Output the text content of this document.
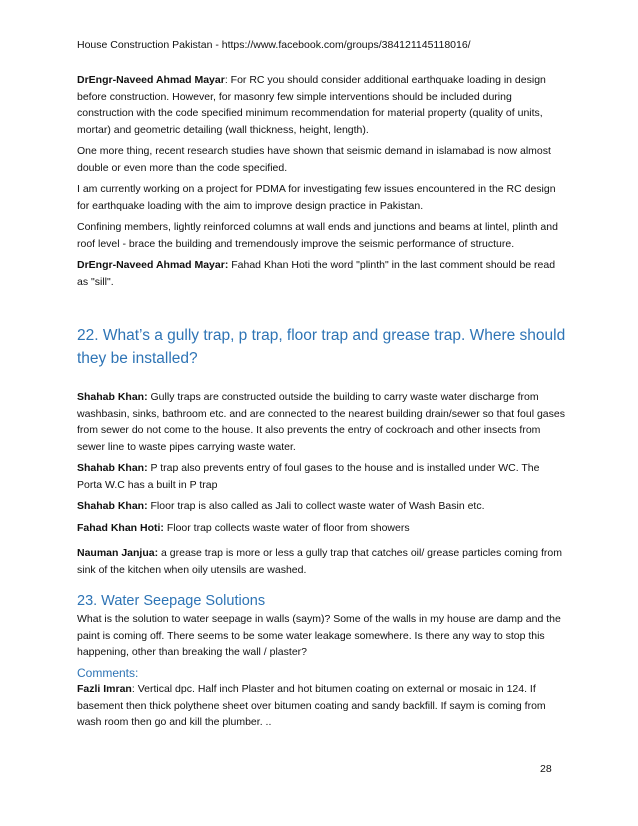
House Construction Pakistan - https://www.facebook.com/groups/384121145118016/

DrEngr-Naveed Ahmad Mayar: For RC you should consider additional earthquake loading in design before construction. However, for masonry few simple interventions should be included during construction with the code specified minimum recommendation for material property (quality of units, mortar) and geometric detailing (wall thickness, height, length).

One more thing, recent research studies have shown that seismic demand in islamabad is now almost double or even more than the code specified.

I am currently working on a project for PDMA for investigating few issues encountered in the RC design for earthquake loading with the aim to improve design practice in Pakistan.

Confining members, lightly reinforced columns at wall ends and junctions and beams at lintel, plinth and roof level - brace the building and tremendously improve the seismic performance of structure.

DrEngr-Naveed Ahmad Mayar: Fahad Khan Hoti the word "plinth" in the last comment should be read as "sill".

22. What’s a gully trap, p trap, floor trap and grease trap. Where should they be installed?

Shahab Khan: Gully traps are constructed outside the building to carry waste water discharge from washbasin, sinks, bathroom etc. and are connected to the nearest building drain/sewer so that foul gases from sewer do not come to the house. It also prevents the entry of cockroach and other insects from sewer line to waste pipes carrying waste water.

Shahab Khan: P trap also prevents entry of foul gases to the house and is installed under WC. The Porta W.C has a built in P trap

Shahab Khan: Floor trap is also called as Jali to collect waste water of Wash Basin etc.

Fahad Khan Hoti: Floor trap collects waste water of floor from showers

Nauman Janjua: a grease trap is more or less a gully trap that catches oil/ grease particles coming from sink of the kitchen when oily utensils are washed.

23. Water Seepage Solutions

What is the solution to water seepage in walls (saym)? Some of the walls in my house are damp and the paint is coming off. There seems to be some water leakage somewhere. Is there any way to stop this happening, other than breaking the wall / plaster?

Comments:

Fazli Imran: Vertical dpc. Half inch Plaster and hot bitumen coating on external or mosaic in 124. If basement then thick polythene sheet over bitumen coating and sandy backfill. If saym is coming from wash room then go and kill the plumber. ..

28
